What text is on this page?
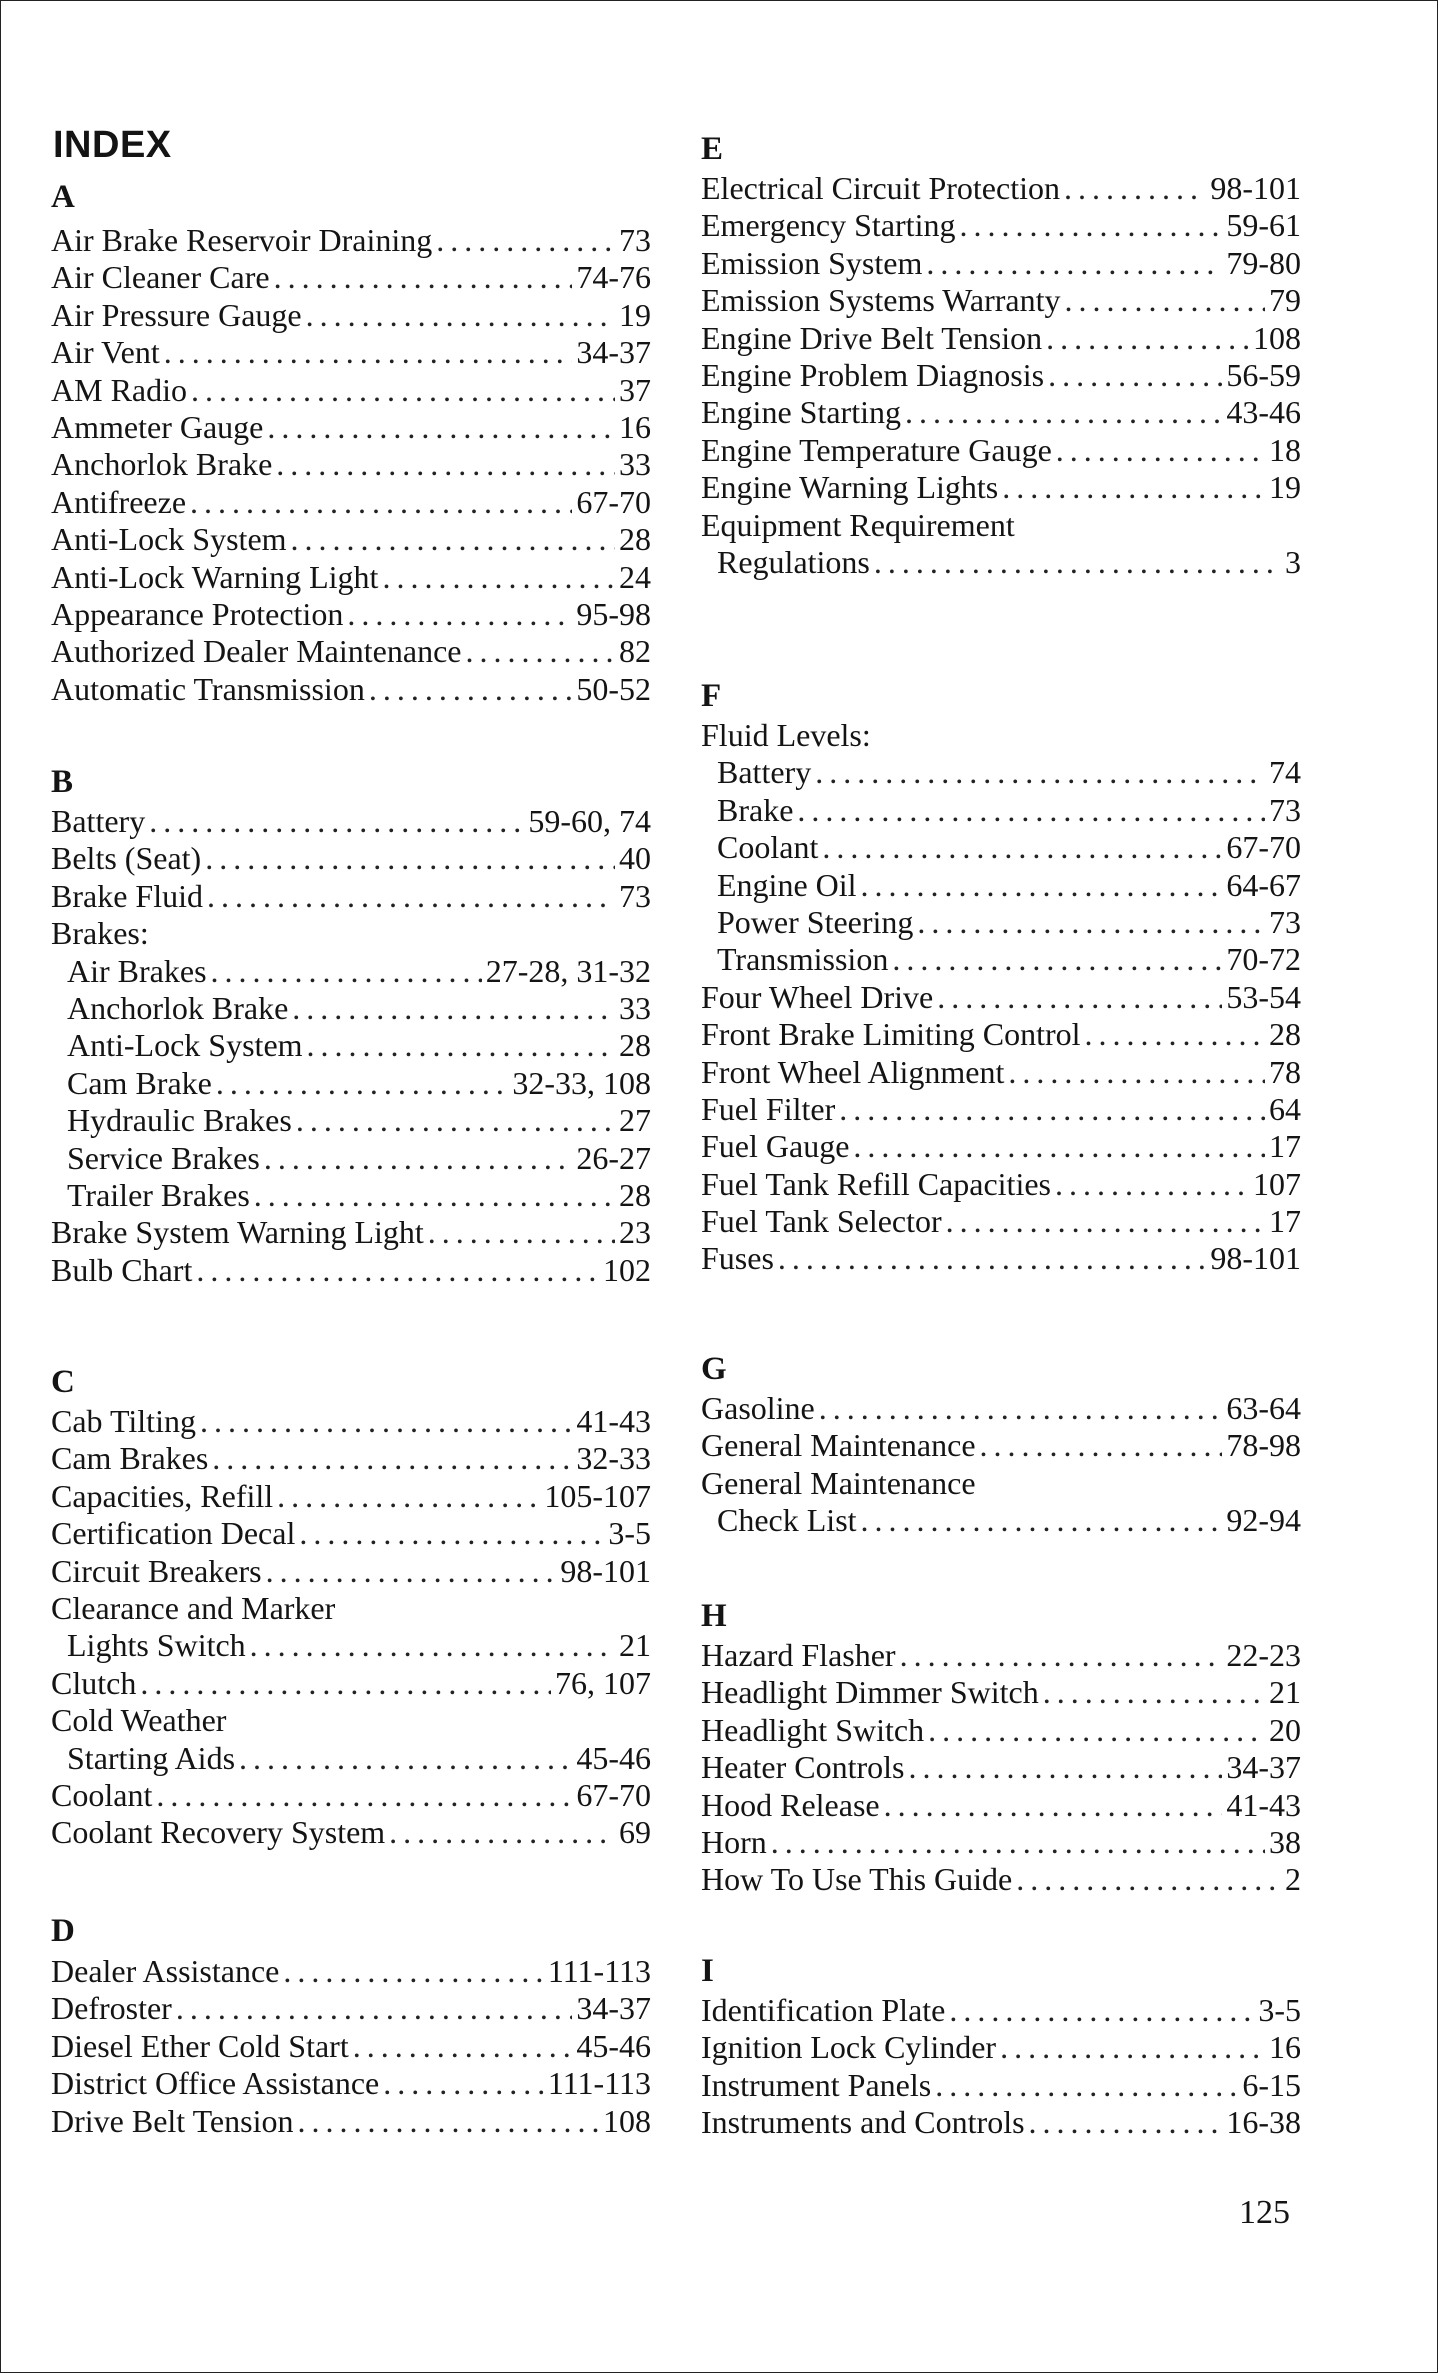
INDEX
A
Air Brake Reservoir Draining . . .	73
Air Cleaner Care . . .	74-76
Air Pressure Gauge . . .	19
Air Vent . . .	34-37
AM Radio . . .	37
Ammeter Gauge . . .	16
Anchorlok Brake . . .	33
Antifreeze . . .	67-70
Anti-Lock System . . .	28
Anti-Lock Warning Light . . .	24
Appearance Protection . . .	95-98
Authorized Dealer Maintenance . . .	82
Automatic Transmission . . .	50-52
B
Battery . . .	59-60, 74
Belts (Seat) . . .	40
Brake Fluid . . .	73
Brakes:
Air Brakes . . .	27-28, 31-32
Anchorlok Brake . . .	33
Anti-Lock System . . .	28
Cam Brake . . .	32-33, 108
Hydraulic Brakes . . .	27
Service Brakes . . .	26-27
Trailer Brakes . . .	28
Brake System Warning Light . . .	23
Bulb Chart . . .	102
C
Cab Tilting . . .	41-43
Cam Brakes . . .	32-33
Capacities, Refill . . .	105-107
Certification Decal . . .	3-5
Circuit Breakers . . .	98-101
Clearance and Marker
Lights Switch . . .	21
Clutch . . .	76, 107
Cold Weather
Starting Aids . . .	45-46
Coolant . . .	67-70
Coolant Recovery System . . .	69
D
Dealer Assistance . . .	111-113
Defroster . . .	34-37
Diesel Ether Cold Start . . .	45-46
District Office Assistance . . .	111-113
Drive Belt Tension . . .	108
E
Electrical Circuit Protection . . .	98-101
Emergency Starting . . .	59-61
Emission System . . .	79-80
Emission Systems Warranty . . .	79
Engine Drive Belt Tension . . .	108
Engine Problem Diagnosis . . .	56-59
Engine Starting . . .	43-46
Engine Temperature Gauge . . .	18
Engine Warning Lights . . .	19
Equipment Requirement
Regulations . . .	3
F
Fluid Levels:
Battery . . .	74
Brake . . .	73
Coolant . . .	67-70
Engine Oil . . .	64-67
Power Steering . . .	73
Transmission . . .	70-72
Four Wheel Drive . . .	53-54
Front Brake Limiting Control . . .	28
Front Wheel Alignment . . .	78
Fuel Filter . . .	64
Fuel Gauge . . .	17
Fuel Tank Refill Capacities . . .	107
Fuel Tank Selector . . .	17
Fuses . . .	98-101
G
Gasoline . . .	63-64
General Maintenance . . .	78-98
General Maintenance
Check List . . .	92-94
H
Hazard Flasher . . .	22-23
Headlight Dimmer Switch . . .	21
Headlight Switch . . .	20
Heater Controls . . .	34-37
Hood Release . . .	41-43
Horn . . .	38
How To Use This Guide . . .	2
I
Identification Plate . . .	3-5
Ignition Lock Cylinder . . .	16
Instrument Panels . . .	6-15
Instruments and Controls . . .	16-38
125
